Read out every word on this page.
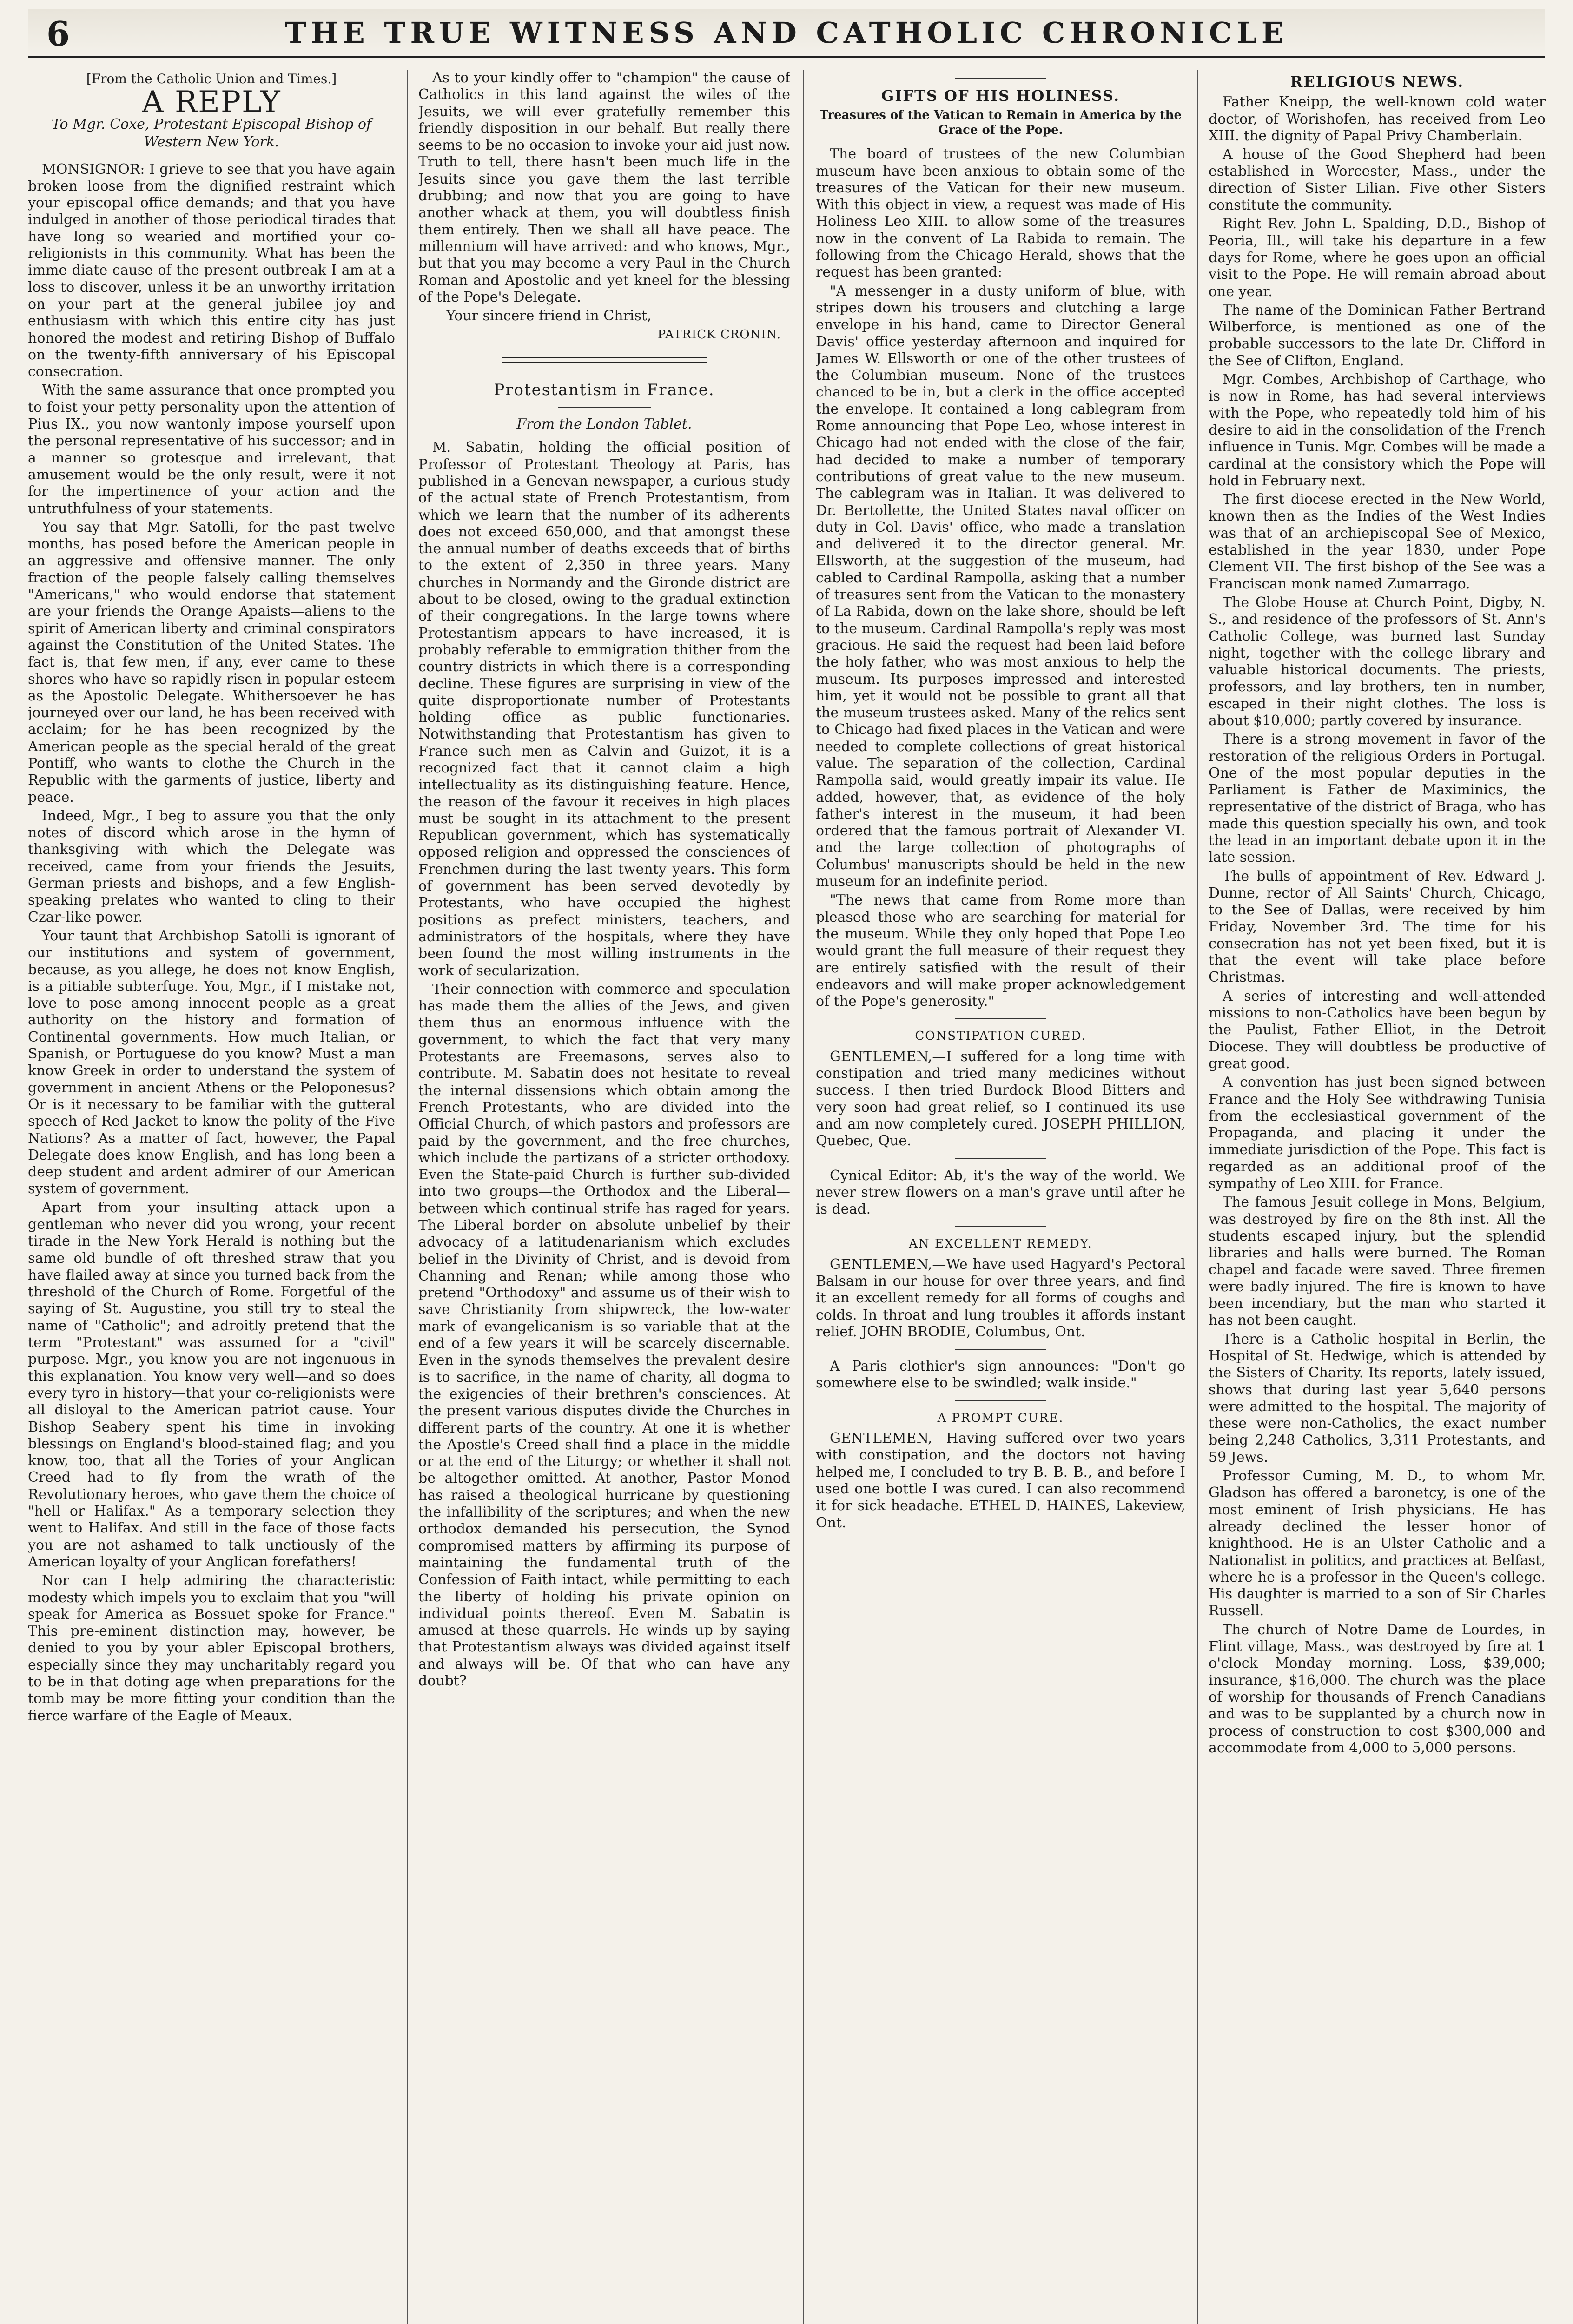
6	THE TRUE WITNESS AND CATHOLIC CHRONICLE
[From the Catholic Union and Times.]
A REPLY
To Mgr. Coxe, Protestant Episcopal Bishop of Western New York.

MONSIGNOR: I grieve to see that you have again broken loose from the dignified restraint which your episcopal office demands; and that you have indulged in another of those periodical tirades that have long so wearied and mortified your co-religionists in this community. What has been the imme diate cause of the present outbreak I am at a loss to discover, unless it be an unworthy irritation on your part at the general jubilee joy and enthusiasm with which this entire city has just honored the modest and retiring Bishop of Buffalo on the twenty-fifth anniversary of his Episcopal consecration.

With the same assurance that once prompted you to foist your petty personality upon the attention of Pius IX., you now wantonly impose yourself upon the personal representative of his successor; and in a manner so grotesque and irrelevant, that amusement would be the only result, were it not for the impertinence of your action and the untruthfulness of your statements.

You say that Mgr. Satolli, for the past twelve months, has posed before the American people in an aggressive and offensive manner. The only fraction of the people falsely calling themselves "Americans," who would endorse that statement are your friends the Orange Apaists—aliens to the spirit of American liberty and criminal conspirators against the Constitution of the United States. The fact is, that few men, if any, ever came to these shores who have so rapidly risen in popular esteem as the Apostolic Delegate. Whithersoever he has journeyed over our land, he has been received with acclaim; for he has been recognized by the American people as the special herald of the great Pontiff, who wants to clothe the Church in the Republic with the garments of justice, liberty and peace.

Indeed, Mgr., I beg to assure you that the only notes of discord which arose in the hymn of thanksgiving with which the Delegate was received, came from your friends the Jesuits, German priests and bishops, and a few English-speaking prelates who wanted to cling to their Czar-like power.

Your taunt that Archbishop Satolli is ignorant of our institutions and system of government, because, as you allege, he does not know English, is a pitiable subterfuge. You, Mgr., if I mistake not, love to pose among innocent people as a great authority on the history and formation of Continental governments. How much Italian, or Spanish, or Portuguese do you know? Must a man know Greek in order to understand the system of government in ancient Athens or the Peloponesus? Or is it necessary to be familiar with the gutteral speech of Red Jacket to know the polity of the Five Nations? As a matter of fact, however, the Papal Delegate does know English, and has long been a deep student and ardent admirer of our American system of government.

Apart from your insulting attack upon a gentleman who never did you wrong, your recent tirade in the New York Herald is nothing but the same old bundle of oft threshed straw that you have flailed away at since you turned back from the threshold of the Church of Rome. Forgetful of the saying of St. Augustine, you still try to steal the name of "Catholic"; and adroitly pretend that the term "Protestant" was assumed for a "civil" purpose. Mgr., you know you are not ingenuous in this explanation. You know very well—and so does every tyro in history—that your co-religionists were all disloyal to the American patriot cause. Your Bishop Seabery spent his time in invoking blessings on England's blood-stained flag; and you know, too, that all the Tories of your Anglican Creed had to fly from the wrath of the Revolutionary heroes, who gave them the choice of "hell or Halifax." As a temporary selection they went to Halifax. And still in the face of those facts you are not ashamed to talk unctiously of the American loyalty of your Anglican forefathers!

Nor can I help admiring the characteristic modesty which impels you to exclaim that you "will speak for America as Bossuet spoke for France." This pre-eminent distinction may, however, be denied to you by your abler Episcopal brothers, especially since they may uncharitably regard you to be in that doting age when preparations for the tomb may be more fitting your condition than the fierce warfare of the Eagle of Meaux.

As to your kindly offer to "champion" the cause of Catholics in this land against the wiles of the Jesuits, we will ever gratefully remember this friendly disposition in our behalf. But really there seems to be no occasion to invoke your aid just now. Truth to tell, there hasn't been much life in the Jesuits since you gave them the last terrible drubbing; and now that you are going to have another whack at them, you will doubtless finish them entirely. Then we shall all have peace. The millennium will have arrived: and who knows, Mgr., but that you may become a very Paul in the Church Roman and Apostolic and yet kneel for the blessing of the Pope's Delegate.

Your sincere friend in Christ,

PATRICK CRONIN.

Protestantism in France.
From the London Tablet.

M. Sabatin, holding the official position of Professor of Protestant Theology at Paris, has published in a Genevan newspaper, a curious study of the actual state of French Protestantism, from which we learn that the number of its adherents does not exceed 650,000, and that amongst these the annual number of deaths exceeds that of births to the extent of 2,350 in three years. Many churches in Normandy and the Gironde district are about to be closed, owing to the gradual extinction of their congregations. In the large towns where Protestantism appears to have increased, it is probably referable to emmigration thither from the country districts in which there is a corresponding decline. These figures are surprising in view of the quite disproportionate number of Protestants holding office as public functionaries. Notwithstanding that Protestantism has given to France such men as Calvin and Guizot, it is a recognized fact that it cannot claim a high intellectuality as its distinguishing feature. Hence, the reason of the favour it receives in high places must be sought in its attachment to the present Republican government, which has systematically opposed religion and oppressed the consciences of Frenchmen during the last twenty years. This form of government has been served devotedly by Protestants, who have occupied the highest positions as prefect ministers, teachers, and administrators of the hospitals, where they have been found the most willing instruments in the work of secularization.

Their connection with commerce and speculation has made them the allies of the Jews, and given them thus an enormous influence with the government, to which the fact that very many Protestants are Freemasons, serves also to contribute. M. Sabatin does not hesitate to reveal the internal dissensions which obtain among the French Protestants, who are divided into the Official Church, of which pastors and professors are paid by the government, and the free churches, which include the partizans of a stricter orthodoxy. Even the State-paid Church is further sub-divided into two groups—the Orthodox and the Liberal—between which continual strife has raged for years. The Liberal border on absolute unbelief by their advocacy of a latitudenarianism which excludes belief in the Divinity of Christ, and is devoid from Channing and Renan; while among those who pretend "Orthodoxy" and assume us of their wish to save Christianity from shipwreck, the low-water mark of evangelicanism is so variable that at the end of a few years it will be scarcely discernable. Even in the synods themselves the prevalent desire is to sacrifice, in the name of charity, all dogma to the exigencies of their brethren's consciences. At the present various disputes divide the Churches in different parts of the country. At one it is whether the Apostle's Creed shall find a place in the middle or at the end of the Liturgy; or whether it shall not be altogether omitted. At another, Pastor Monod has raised a theological hurricane by questioning the infallibility of the scriptures; and when the new orthodox demanded his persecution, the Synod compromised matters by affirming its purpose of maintaining the fundamental truth of the Confession of Faith intact, while permitting to each the liberty of holding his private opinion on individual points thereof. Even M. Sabatin is amused at these quarrels. He winds up by saying that Protestantism always was divided against itself and always will be. Of that who can have any doubt?

GIFTS OF HIS HOLINESS.
Treasures of the Vatican to Remain in America by the Grace of the Pope.

The board of trustees of the new Columbian museum have been anxious to obtain some of the treasures of the Vatican for their new museum. With this object in view, a request was made of His Holiness Leo XIII. to allow some of the treasures now in the convent of La Rabida to remain. The following from the Chicago Herald, shows that the request has been granted:

"A messenger in a dusty uniform of blue, with stripes down his trousers and clutching a large envelope in his hand, came to Director General Davis' office yesterday afternoon and inquired for James W. Ellsworth or one of the other trustees of the Columbian museum. None of the trustees chanced to be in, but a clerk in the office accepted the envelope. It contained a long cablegram from Rome announcing that Pope Leo, whose interest in Chicago had not ended with the close of the fair, had decided to make a number of temporary contributions of great value to the new museum. The cablegram was in Italian. It was delivered to Dr. Bertollette, the United States naval officer on duty in Col. Davis' office, who made a translation and delivered it to the director general. Mr. Ellsworth, at the suggestion of the museum, had cabled to Cardinal Rampolla, asking that a number of treasures sent from the Vatican to the monastery of La Rabida, down on the lake shore, should be left to the museum. Cardinal Rampolla's reply was most gracious. He said the request had been laid before the holy father, who was most anxious to help the museum. Its purposes impressed and interested him, yet it would not be possible to grant all that the museum trustees asked. Many of the relics sent to Chicago had fixed places in the Vatican and were needed to complete collections of great historical value. The separation of the collection, Cardinal Rampolla said, would greatly impair its value. He added, however, that, as evidence of the holy father's interest in the museum, it had been ordered that the famous portrait of Alexander VI. and the large collection of photographs of Columbus' manuscripts should be held in the new museum for an indefinite period.

"The news that came from Rome more than pleased those who are searching for material for the museum. While they only hoped that Pope Leo would grant the full measure of their request they are entirely satisfied with the result of their endeavors and will make proper acknowledgement of the Pope's generosity."

CONSTIPATION CURED.

GENTLEMEN,—I suffered for a long time with constipation and tried many medicines without success. I then tried Burdock Blood Bitters and very soon had great relief, so I continued its use and am now completely cured. JOSEPH PHILLION, Quebec, Que.

Cynical Editor: Ab, it's the way of the world. We never strew flowers on a man's grave until after he is dead.

AN EXCELLENT REMEDY.

GENTLEMEN,—We have used Hagyard's Pectoral Balsam in our house for over three years, and find it an excellent remedy for all forms of coughs and colds. In throat and lung troubles it affords instant relief. JOHN BRODIE, Columbus, Ont.

A Paris clothier's sign announces: "Don't go somewhere else to be swindled; walk inside."

A PROMPT CURE.

GENTLEMEN,—Having suffered over two years with constipation, and the doctors not having helped me, I concluded to try B. B. B., and before I used one bottle I was cured. I can also recommend it for sick headache. ETHEL D. HAINES, Lakeview, Ont.

RELIGIOUS NEWS.

Father Kneipp, the well-known cold water doctor, of Worishofen, has received from Leo XIII. the dignity of Papal Privy Chamberlain.

A house of the Good Shepherd had been established in Worcester, Mass., under the direction of Sister Lilian. Five other Sisters constitute the community.

Right Rev. John L. Spalding, D.D., Bishop of Peoria, Ill., will take his departure in a few days for Rome, where he goes upon an official visit to the Pope. He will remain abroad about one year.

The name of the Dominican Father Bertrand Wilberforce, is mentioned as one of the probable successors to the late Dr. Clifford in the See of Clifton, England.

Mgr. Combes, Archbishop of Carthage, who is now in Rome, has had several interviews with the Pope, who repeatedly told him of his desire to aid in the consolidation of the French influence in Tunis. Mgr. Combes will be made a cardinal at the consistory which the Pope will hold in February next.

The first diocese erected in the New World, known then as the Indies of the West Indies was that of an archiepiscopal See of Mexico, established in the year 1830, under Pope Clement VII. The first bishop of the See was a Franciscan monk named Zumarrago.

The Globe House at Church Point, Digby, N. S., and residence of the professors of St. Ann's Catholic College, was burned last Sunday night, together with the college library and valuable historical documents. The priests, professors, and lay brothers, ten in number, escaped in their night clothes. The loss is about $10,000; partly covered by insurance.

There is a strong movement in favor of the restoration of the religious Orders in Portugal. One of the most popular deputies in the Parliament is Father de Maximinics, the representative of the district of Braga, who has made this question specially his own, and took the lead in an important debate upon it in the late session.

The bulls of appointment of Rev. Edward J. Dunne, rector of All Saints' Church, Chicago, to the See of Dallas, were received by him Friday, November 3rd. The time for his consecration has not yet been fixed, but it is that the event will take place before Christmas.

A series of interesting and well-attended missions to non-Catholics have been begun by the Paulist, Father Elliot, in the Detroit Diocese. They will doubtless be productive of great good.

A convention has just been signed between France and the Holy See withdrawing Tunisia from the ecclesiastical government of the Propaganda, and placing it under the immediate jurisdiction of the Pope. This fact is regarded as an additional proof of the sympathy of Leo XIII. for France.

The famous Jesuit college in Mons, Belgium, was destroyed by fire on the 8th inst. All the students escaped injury, but the splendid libraries and halls were burned. The Roman chapel and facade were saved. Three firemen were badly injured. The fire is known to have been incendiary, but the man who started it has not been caught.

There is a Catholic hospital in Berlin, the Hospital of St. Hedwige, which is attended by the Sisters of Charity. Its reports, lately issued, shows that during last year 5,640 persons were admitted to the hospital. The majority of these were non-Catholics, the exact number being 2,248 Catholics, 3,311 Protestants, and 59 Jews.

Professor Cuming, M. D., to whom Mr. Gladson has offered a baronetcy, is one of the most eminent of Irish physicians. He has already declined the lesser honor of knighthood. He is an Ulster Catholic and a Nationalist in politics, and practices at Belfast, where he is a professor in the Queen's college. His daughter is married to a son of Sir Charles Russell.

The church of Notre Dame de Lourdes, in Flint village, Mass., was destroyed by fire at 1 o'clock Monday morning. Loss, $39,000; insurance, $16,000. The church was the place of worship for thousands of French Canadians and was to be supplanted by a church now in process of construction to cost $300,000 and accommodate from 4,000 to 5,000 persons.
